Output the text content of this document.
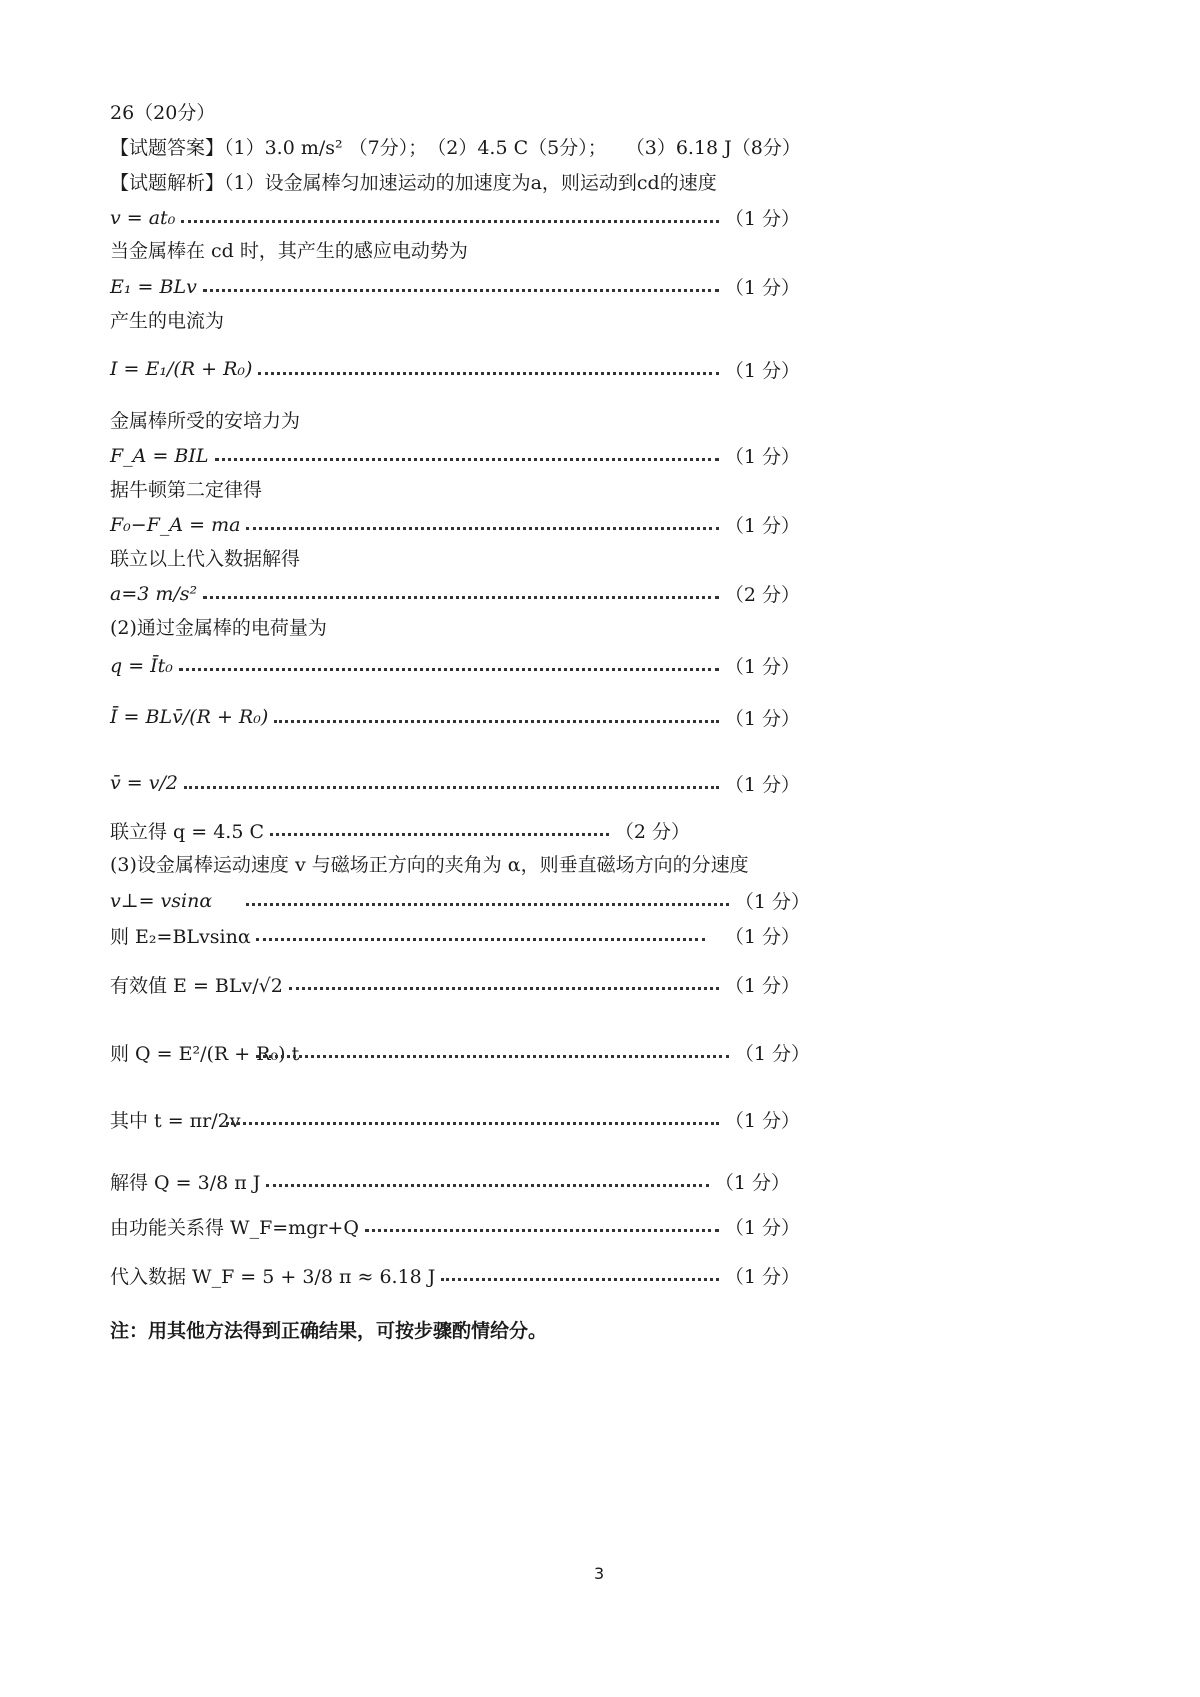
26（20分）
【试题答案】（1）3.0 m/s² （7分）；　（2）4.5 C（5分）；　　（3）6.18 J（8分）
【试题解析】（1）设金属棒匀加速运动的加速度为a，则运动到cd的速度
v = at₀	（1 分）
当金属棒在 cd 时，其产生的感应电动势为
E₁ = BLv	（1 分）
产生的电流为
I = E₁/(R + R₀)	（1 分）
金属棒所受的安培力为
F_A = BIL	（1 分）
据牛顿第二定律得
F₀−F_A = ma	（1 分）
联立以上代入数据解得
a=3 m/s²	（2 分）
(2)通过金属棒的电荷量为
q = Īt₀	（1 分）
Ī = BLv̄/(R + R₀)	（1 分）
v̄ = v/2	（1 分）
联立得 q = 4.5 C	（2 分）
(3)设金属棒运动速度 v 与磁场正方向的夹角为 α，则垂直磁场方向的分速度
v⊥= vsinα	（1 分）
则 E₂=BLvsinα	（1 分）
有效值 E = BLv/√2	（1 分）
则 Q = E²/(R + R₀) t	（1 分）
其中 t = πr/2v	（1 分）
解得 Q = 3/8 π J	（1 分）
由功能关系得 W_F=mgr+Q	（1 分）
代入数据 W_F = 5 + 3/8 π ≈ 6.18 J	（1 分）
注：用其他方法得到正确结果，可按步骤酌情给分。
3
